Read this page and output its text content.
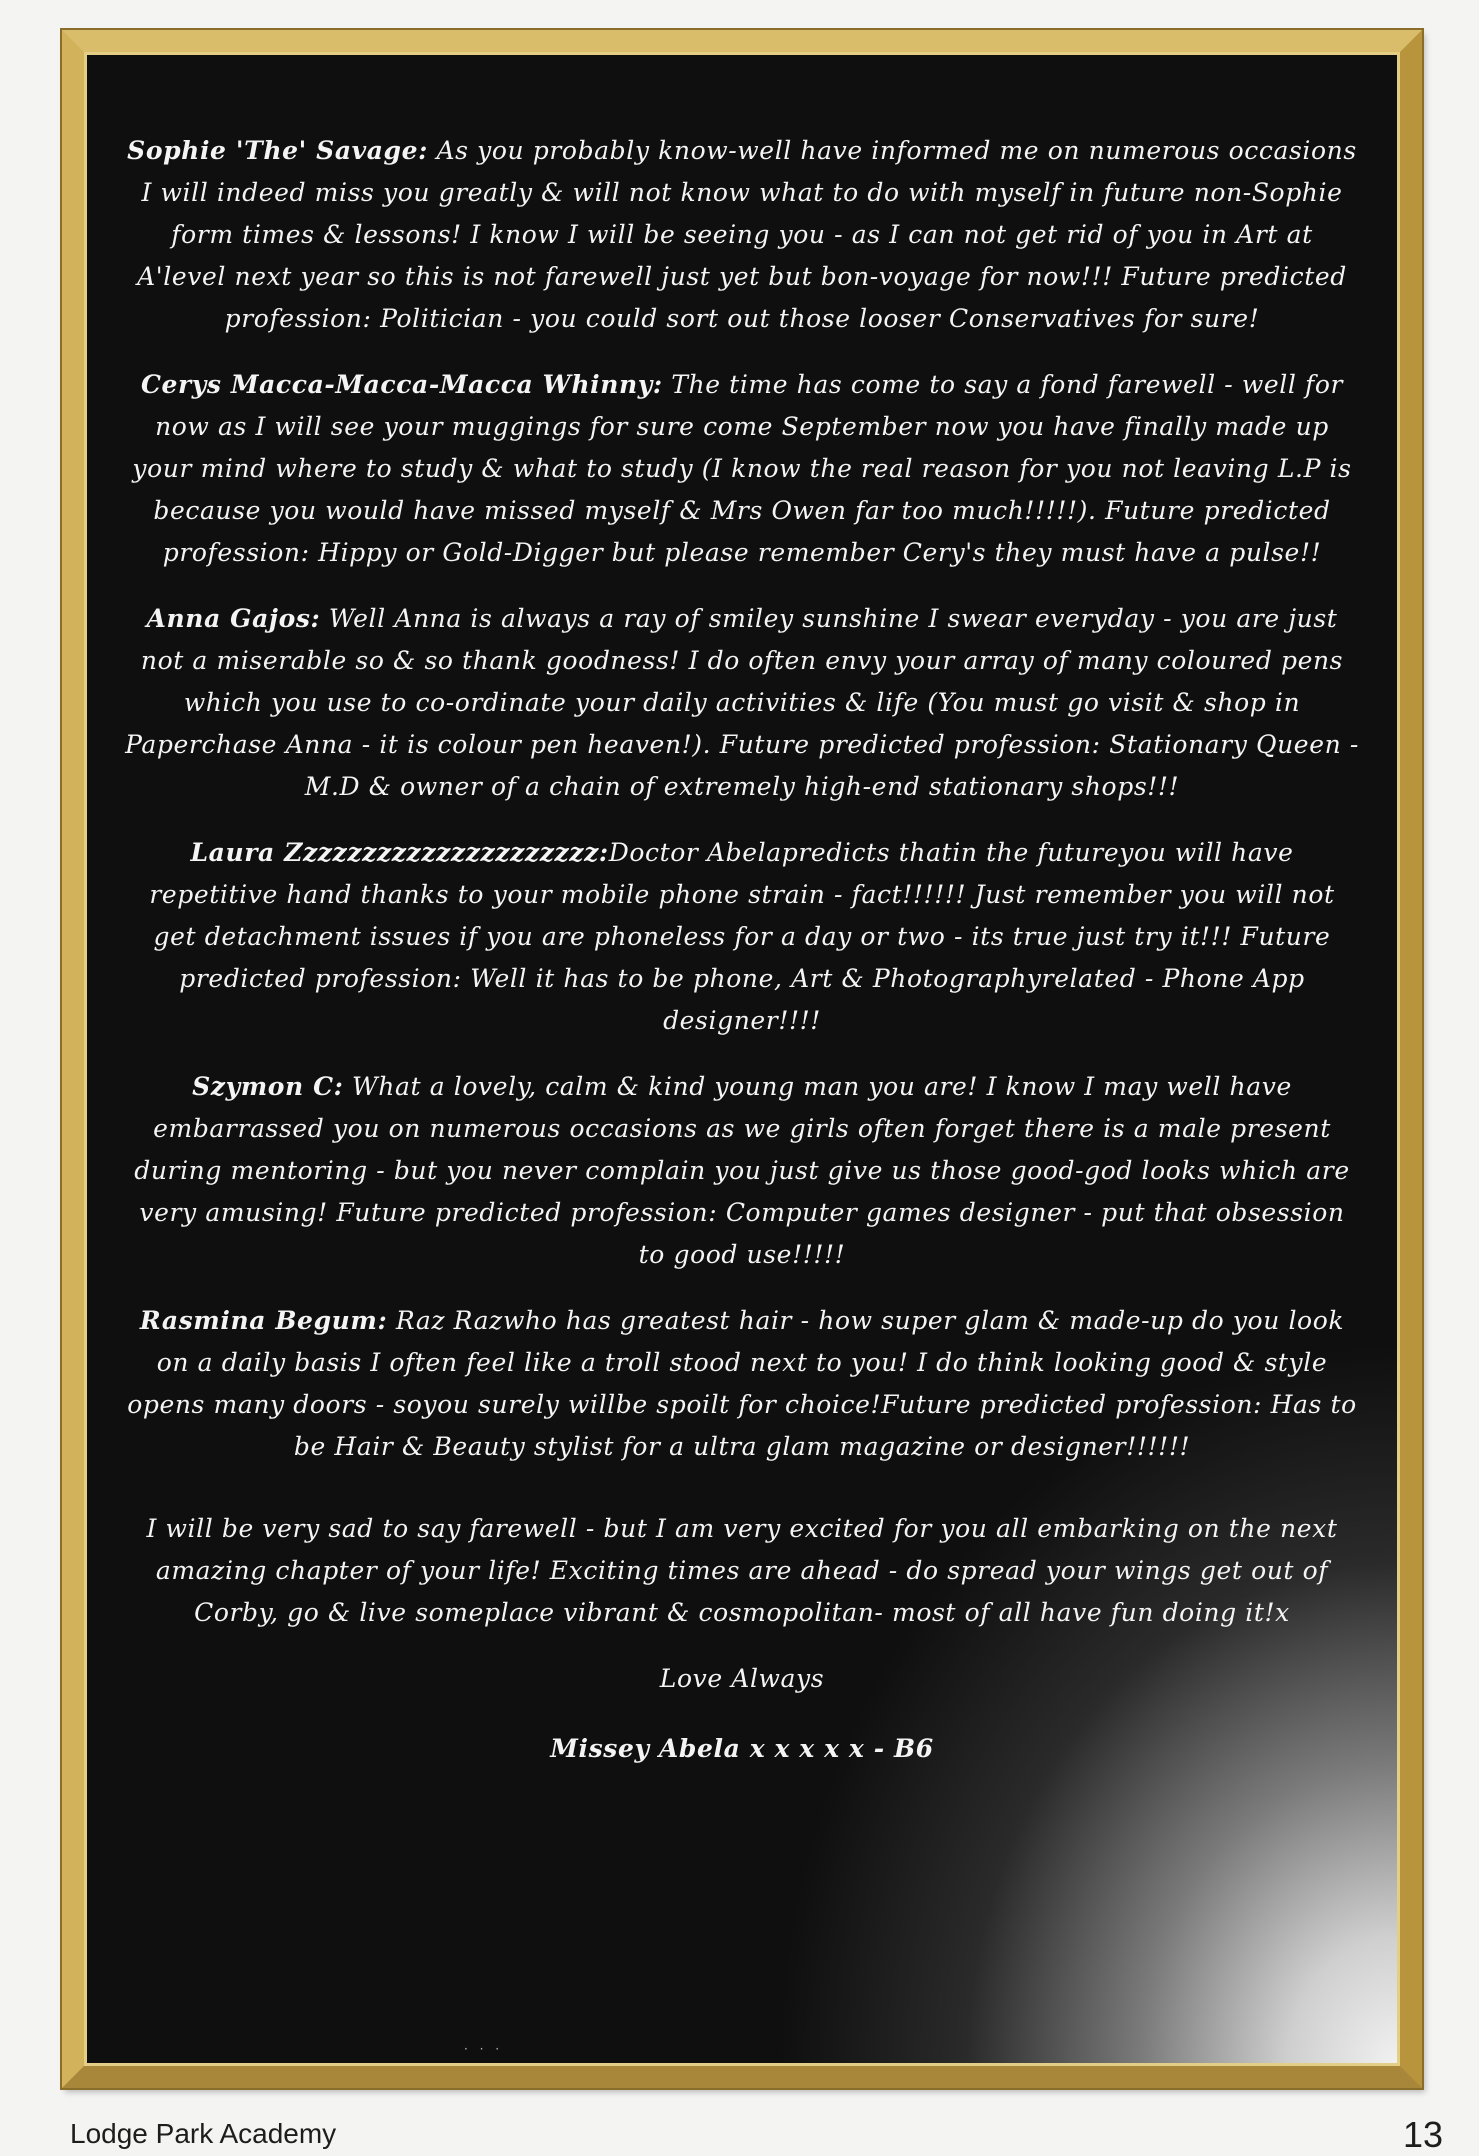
Sophie 'The' Savage: As you probably know-well have informed me on numerous occasions I will indeed miss you greatly & will not know what to do with myself in future non-Sophie form times & lessons! I know I will be seeing you - as I can not get rid of you in Art at A'level next year so this is not farewell just yet but bon-voyage for now!!! Future predicted profession: Politician - you could sort out those looser Conservatives for sure!

Cerys Macca-Macca-Macca Whinny: The time has come to say a fond farewell - well for now as I will see your muggings for sure come September now you have finally made up your mind where to study & what to study (I know the real reason for you not leaving L.P is because you would have missed myself & Mrs Owen far too much!!!!!). Future predicted profession: Hippy or Gold-Digger but please remember Cery's they must have a pulse!!

Anna Gajos: Well Anna is always a ray of smiley sunshine I swear everyday - you are just not a miserable so & so thank goodness! I do often envy your array of many coloured pens which you use to co-ordinate your daily activities & life (You must go visit & shop in Paperchase Anna - it is colour pen heaven!). Future predicted profession: Stationary Queen - M.D & owner of a chain of extremely high-end stationary shops!!!

Laura Zzzzzzzzzzzzzzzzzzzzz:Doctor Abelapredicts thatin the futureyou will have repetitive hand thanks to your mobile phone strain - fact!!!!!! Just remember you will not get detachment issues if you are phoneless for a day or two - its true just try it!!! Future predicted profession: Well it has to be phone, Art & Photographyrelated - Phone App designer!!!!

Szymon C: What a lovely, calm & kind young man you are! I know I may well have embarrassed you on numerous occasions as we girls often forget there is a male present during mentoring - but you never complain you just give us those good-god looks which are very amusing! Future predicted profession: Computer games designer - put that obsession to good use!!!!!

Rasmina Begum: Raz Razwho has greatest hair - how super glam & made-up do you look on a daily basis I often feel like a troll stood next to you! I do think looking good & style opens many doors - soyou surely willbe spoilt for choice!Future predicted profession: Has to be Hair & Beauty stylist for a ultra glam magazine or designer!!!!!!

I will be very sad to say farewell - but I am very excited for you all embarking on the next amazing chapter of your life! Exciting times are ahead - do spread your wings get out of Corby, go & live someplace vibrant & cosmopolitan- most of all have fun doing it!x

Love Always

Missey Abela x x x x x - B6

· · ·
Lodge Park Academy	13
